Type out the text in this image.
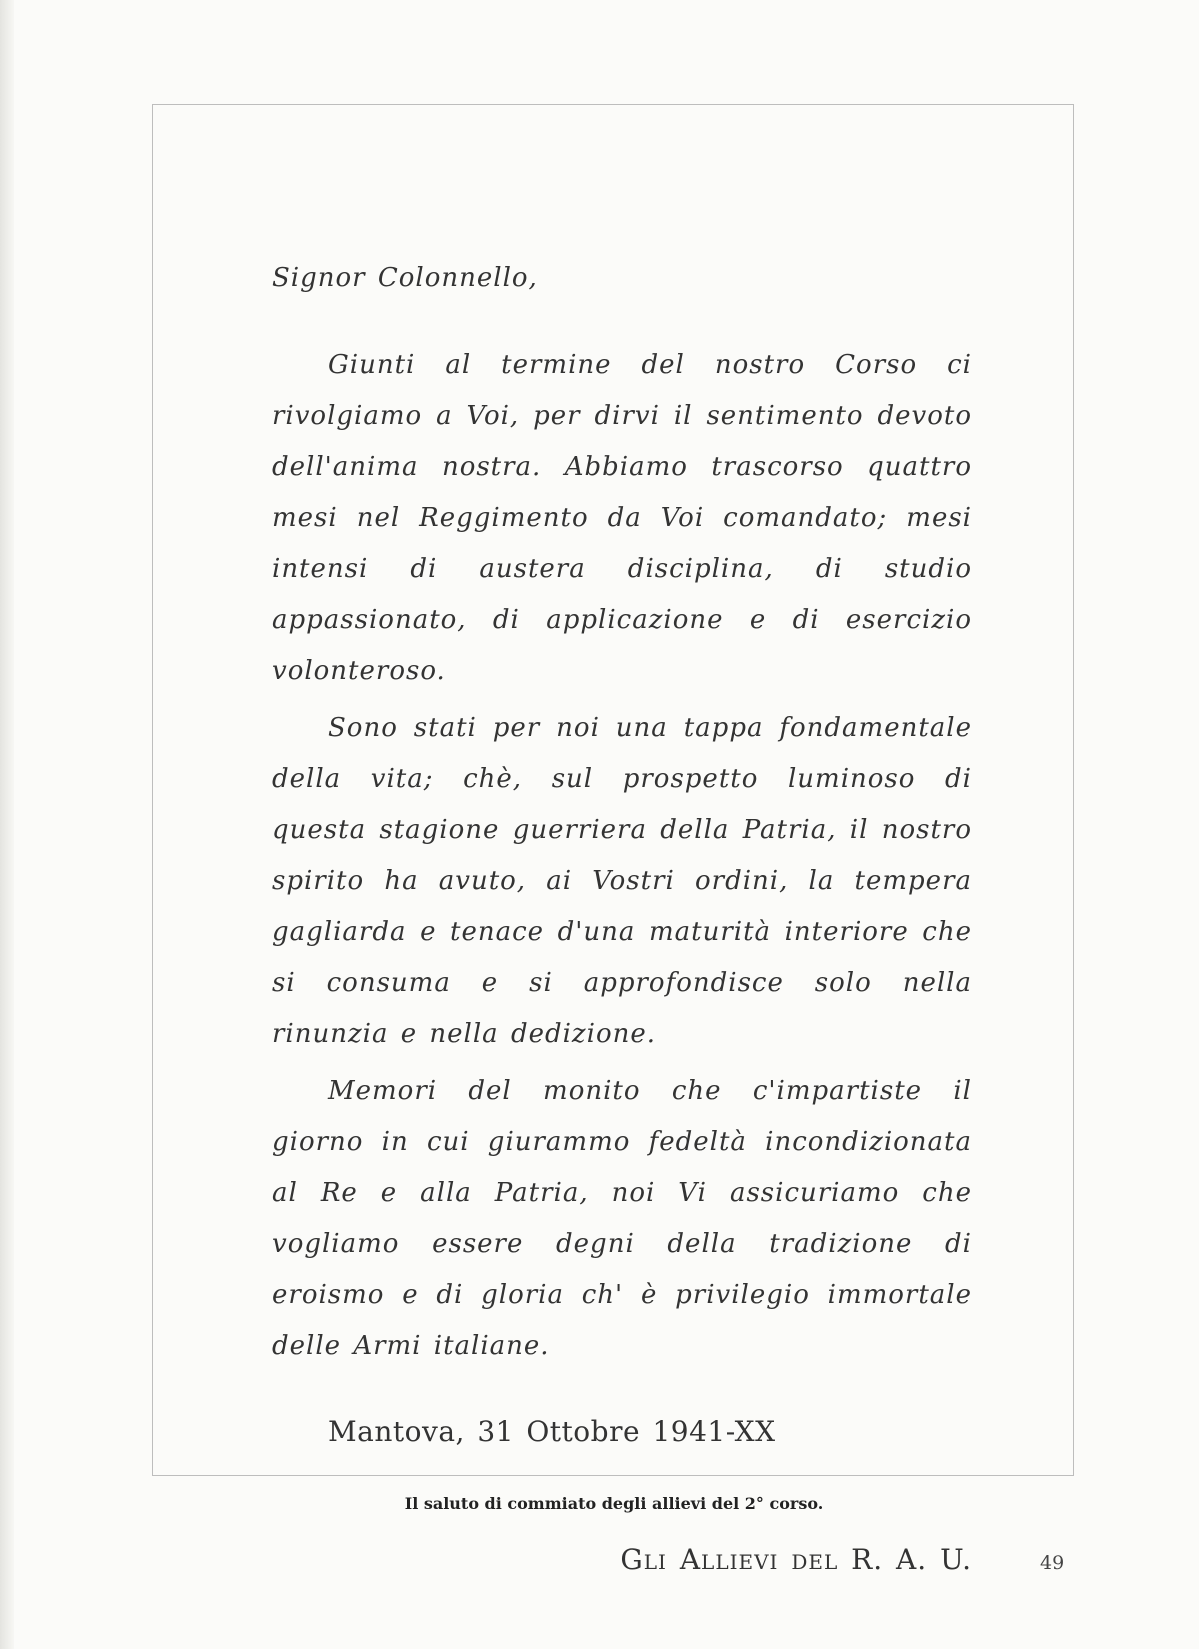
Signor Colonnello,

Giunti al termine del nostro Corso ci rivolgiamo a Voi, per dirvi il sentimento devoto dell'anima nostra. Abbiamo trascorso quattro mesi nel Reggimento da Voi comandato; mesi intensi di austera disciplina, di studio appassionato, di applicazione e di esercizio volonteroso.

Sono stati per noi una tappa fondamentale della vita; chè, sul prospetto luminoso di questa stagione guerriera della Patria, il nostro spirito ha avuto, ai Vostri ordini, la tempera gagliarda e tenace d'una maturità interiore che si consuma e si approfondisce solo nella rinunzia e nella dedizione.

Memori del monito che c'impartiste il giorno in cui giurammo fedeltà incondizionata al Re e alla Patria, noi Vi assicuriamo che vogliamo essere degni della tradizione di eroismo e di gloria ch' è privilegio immortale delle Armi italiane.

Mantova, 31 Ottobre 1941-XX

Gli Allievi del R. A. U.

Il saluto di commiato degli allievi del 2° corso.
49
